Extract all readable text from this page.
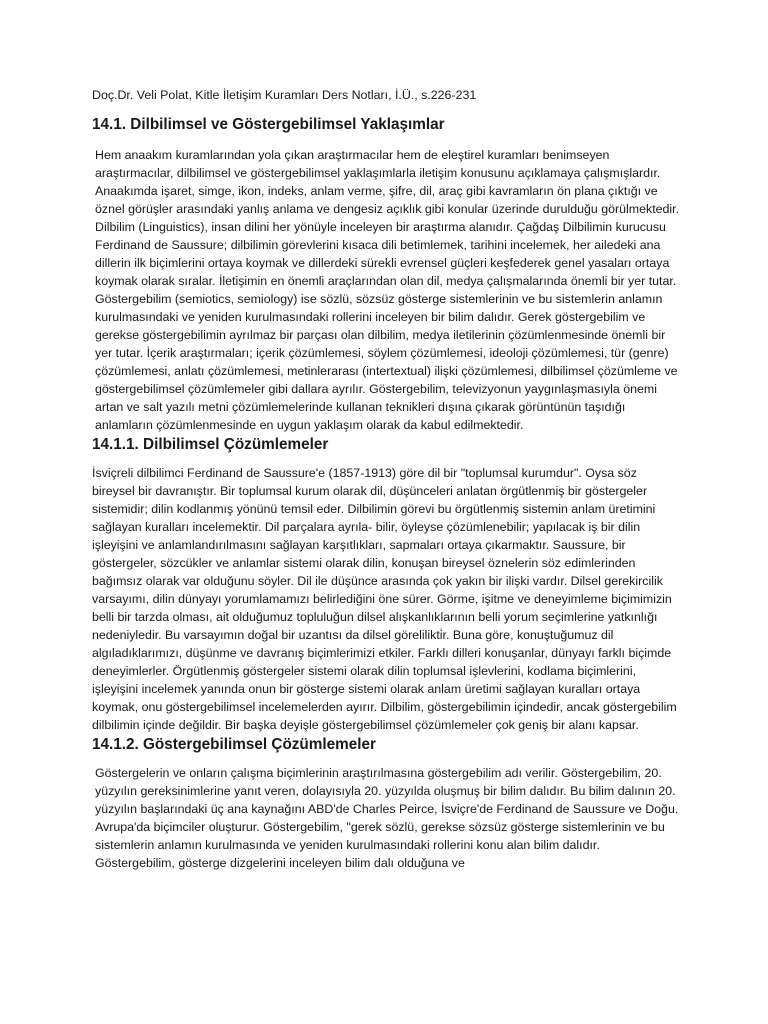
Doç.Dr. Veli Polat, Kitle İletişim Kuramları Ders Notları, İ.Ü., s.226-231
14.1. Dilbilimsel ve Göstergebilimsel Yaklaşımlar

Hem anaakım kuramlarından yola çıkan araştırmacılar hem de eleştirel kuramları benimseyen araştırmacılar, dilbilimsel ve göstergebilimsel yaklaşımlarla iletişim konusunu açıklamaya çalışmışlardır. Anaakımda işaret, simge, ikon, indeks, anlam verme, şifre, dil, araç gibi kavramların ön plana çıktığı ve öznel görüşler arasındaki yanlış anlama ve dengesiz açıklık gibi konular üzerinde durulduğu görülmektedir. Dilbilim (Linguistics), insan dilini her yönüyle inceleyen bir araştırma alanıdır. Çağdaş Dilbilimin kurucusu Ferdinand de Saussure; dilbilimin görevlerini kısaca dili betimlemek, tarihini incelemek, her ailedeki ana dillerin ilk biçimlerini ortaya koymak ve dillerdeki sürekli evrensel güçleri keşfederek genel yasaları ortaya koymak olarak sıralar. İletişimin en önemli araçlarından olan dil, medya çalışmalarında önemli bir yer tutar. Göstergebilim (semiotics, semiology) ise sözlü, sözsüz gösterge sistemlerinin ve bu sistemlerin anlamın kurulmasındaki ve yeniden kurulmasındaki rollerini inceleyen bir bilim dalıdır. Gerek göstergebilim ve gerekse göstergebilimin ayrılmaz bir parçası olan dilbilim, medya iletilerinin çözümlenmesinde önemli bir yer tutar. İçerik araştırmaları; içerik çözümlemesi, söylem çözümlemesi, ideoloji çözümlemesi, tür (genre) çözümlemesi, anlatı çözümlemesi, metinlerarası (intertextual) ilişki çözümlemesi, dilbilimsel çözümleme ve göstergebilimsel çözümlemeler gibi dallara ayrılır. Göstergebilim, televizyonun yaygınlaşmasıyla önemi artan ve salt yazılı metni çözümlemelerinde kullanan teknikleri dışına çıkarak görüntünün taşıdığı anlamların çözümlenmesinde en uygun yaklaşım olarak da kabul edilmektedir.

14.1.1. Dilbilimsel Çözümlemeler

İsviçreli dilbilimci Ferdinand de Saussure'e (1857-1913) göre dil bir "toplumsal kurumdur". Oysa söz bireysel bir davranıştır. Bir toplumsal kurum olarak dil, düşünceleri anlatan örgütlenmiş bir göstergeler sistemidir; dilin kodlanmış yönünü temsil eder. Dilbilimin görevi bu örgütlenmiş sistemin anlam üretimini sağlayan kuralları incelemektir. Dil parçalara ayrıla- bilir, öyleyse çözümlenebilir; yapılacak iş bir dilin işleyişini ve anlamlandırılmasını sağlayan karşıtlıkları, sapmaları ortaya çıkarmaktır. Saussure, bir göstergeler, sözcükler ve anlamlar sistemi olarak dilin, konuşan bireysel öznelerin söz edimlerinden bağımsız olarak var olduğunu söyler. Dil ile düşünce arasında çok yakın bir ilişki vardır. Dilsel gerekircilik varsayımı, dilin dünyayı yorumlamamızı belirlediğini öne sürer. Görme, işitme ve deneyimleme biçimimizin belli bir tarzda olması, ait olduğumuz topluluğun dilsel alışkanlıklarının belli yorum seçimlerine yatkınlığı nedeniyledir. Bu varsayımın doğal bir uzantısı da dilsel görelilikti̇r. Buna göre, konuştuğumuz dil algıladıklarımızı, düşünme ve davranış biçimlerimizi etkiler. Farklı dilleri konuşanlar, dünyayı farklı biçimde deneyimlerler. Örgütlenmiş göstergeler sistemi olarak dilin toplumsal işlevlerini, kodlama biçimlerini, işleyişini incelemek yanında onun bir gösterge sistemi olarak anlam üretimi sağlayan kuralları ortaya koymak, onu göstergebilimsel incelemelerden ayırır. Dilbilim, göstergebilimin içindedir, ancak göstergebilim dilbilimin içinde değildir. Bir başka deyişle göstergebilimsel çözümlemeler çok geniş bir alanı kapsar.

14.1.2. Göstergebilimsel Çözümlemeler

Göstergelerin ve onların çalışma biçimlerinin araştırılmasına göstergebilim adı verilir. Göstergebilim, 20. yüzyılın gereksinimlerine yanıt veren, dolayısıyla 20. yüzyılda oluşmuş bir bilim dalıdır. Bu bilim dalının 20. yüzyılın başlarındaki üç ana kaynağını ABD'de Charles Peirce, İsviçre'de Ferdinand de Saussure ve Doğu. Avrupa'da biçimciler oluşturur. Göstergebilim, "gerek sözlü, gerekse sözsüz gösterge sistemlerinin ve bu sistemlerin anlamın kurulmasında ve yeniden kurulmasındaki rollerini konu alan bilim dalıdır. Göstergebilim, gösterge dizgelerini inceleyen bilim dalı olduğuna ve
